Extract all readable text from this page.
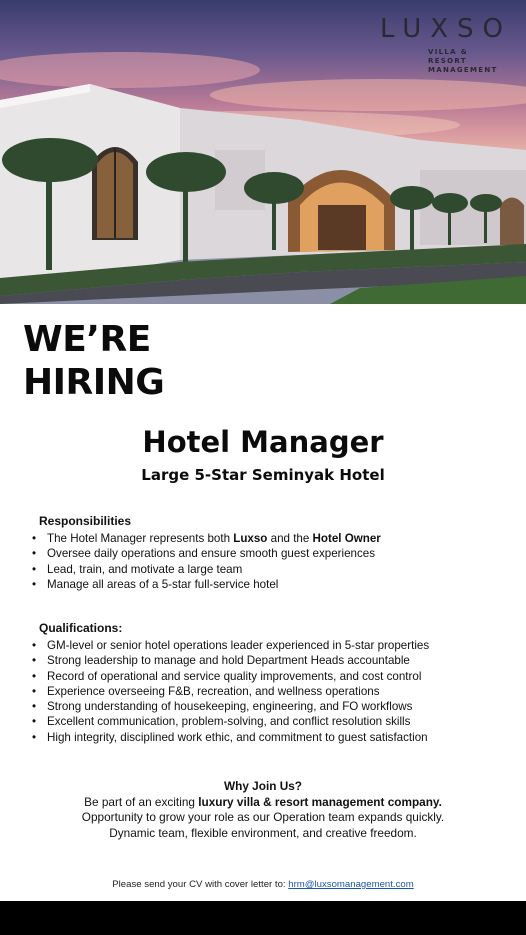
LUXSO
VILLA & RESORT
MANAGEMENT
WE’RE
HIRING
Hotel Manager
Large 5-Star Seminyak Hotel
Responsibilities
• The Hotel Manager represents both Luxso and the Hotel Owner
• Oversee daily operations and ensure smooth guest experiences
• Lead, train, and motivate a large team
• Manage all areas of a 5-star full-service hotel
Qualifications:
• GM-level or senior hotel operations leader experienced in 5-star properties
• Strong leadership to manage and hold Department Heads accountable
• Record of operational and service quality improvements, and cost control
• Experience overseeing F&B, recreation, and wellness operations
• Strong understanding of housekeeping, engineering, and FO workflows
• Excellent communication, problem-solving, and conflict resolution skills
• High integrity, disciplined work ethic, and commitment to guest satisfaction
Why Join Us?
Be part of an exciting luxury villa & resort management company.
Opportunity to grow your role as our Operation team expands quickly.
Dynamic team, flexible environment, and creative freedom.
Please send your CV with cover letter to: hrm@luxsomanagement.com
